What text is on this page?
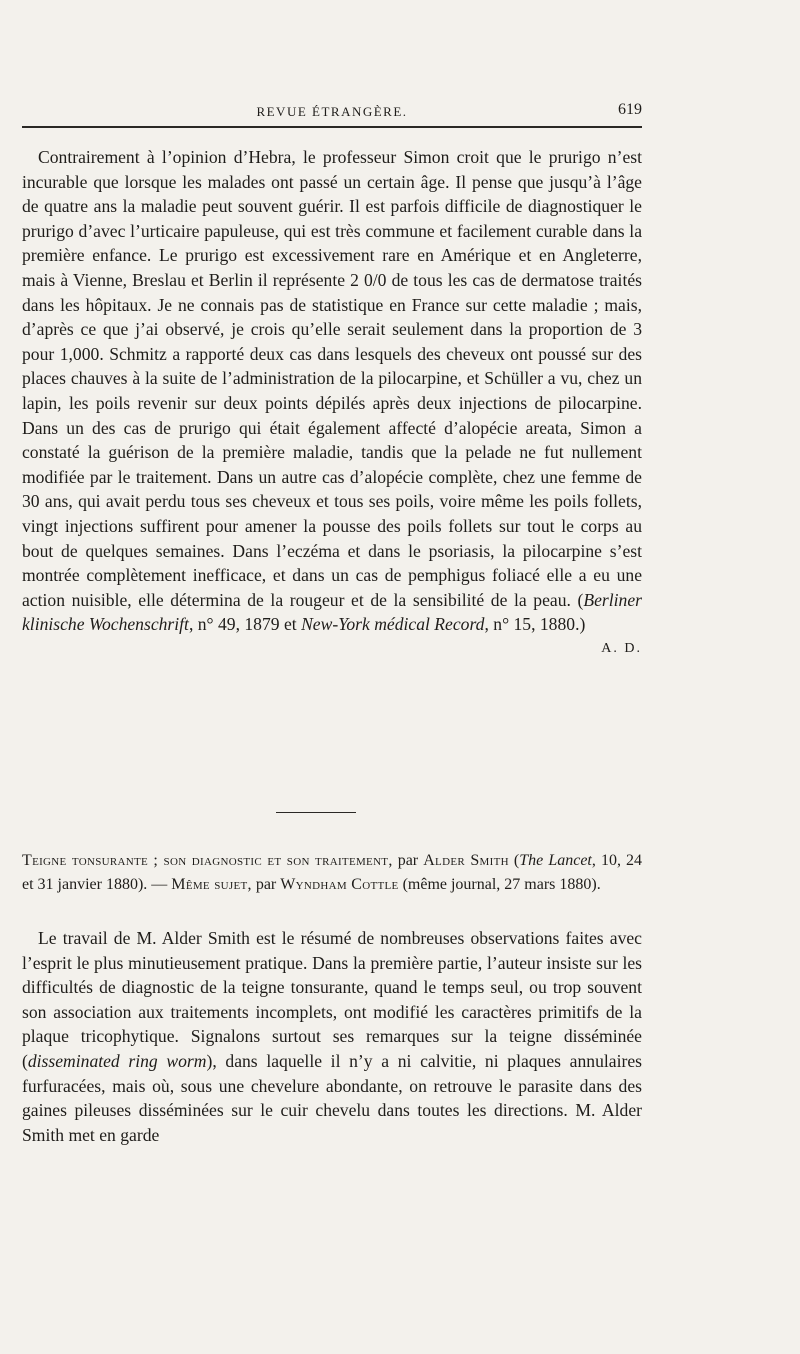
REVUE ÉTRANGÈRE.	619
Contrairement à l’opinion d’Hebra, le professeur Simon croit que le prurigo n’est incurable que lorsque les malades ont passé un certain âge. Il pense que jusqu’à l’âge de quatre ans la maladie peut souvent guérir. Il est parfois difficile de diagnostiquer le prurigo d’avec l’urticaire papuleuse, qui est très commune et facilement curable dans la première enfance. Le prurigo est excessivement rare en Amérique et en Angleterre, mais à Vienne, Breslau et Berlin il représente 2 0/0 de tous les cas de dermatose traités dans les hôpitaux. Je ne connais pas de statistique en France sur cette maladie ; mais, d’après ce que j’ai observé, je crois qu’elle serait seulement dans la proportion de 3 pour 1,000. Schmitz a rapporté deux cas dans lesquels des cheveux ont poussé sur des places chauves à la suite de l’administration de la pilocarpine, et Schüller a vu, chez un lapin, les poils revenir sur deux points dépilés après deux injections de pilocarpine. Dans un des cas de prurigo qui était également affecté d’alopécie areata, Simon a constaté la guérison de la première maladie, tandis que la pelade ne fut nullement modifiée par le traitement. Dans un autre cas d’alopécie complète, chez une femme de 30 ans, qui avait perdu tous ses cheveux et tous ses poils, voire même les poils follets, vingt injections suffirent pour amener la pousse des poils follets sur tout le corps au bout de quelques semaines. Dans l’eczéma et dans le psoriasis, la pilocarpine s’est montrée complètement inefficace, et dans un cas de pemphigus foliacé elle a eu une action nuisible, elle détermina de la rougeur et de la sensibilité de la peau. (Berliner klinische Wochenschrift, n° 49, 1879 et New-York médical Record, n° 15, 1880.)
A. D.
Teigne tonsurante ; son diagnostic et son traitement, par Alder Smith (The Lancet, 10, 24 et 31 janvier 1880). — Même sujet, par Wyndham Cottle (même journal, 27 mars 1880).
Le travail de M. Alder Smith est le résumé de nombreuses observations faites avec l’esprit le plus minutieusement pratique. Dans la première partie, l’auteur insiste sur les difficultés de diagnostic de la teigne tonsurante, quand le temps seul, ou trop souvent son association aux traitements incomplets, ont modifié les caractères primitifs de la plaque tricophytique. Signalons surtout ses remarques sur la teigne disséminée (disseminated ring worm), dans laquelle il n’y a ni calvitie, ni plaques annulaires furfuracées, mais où, sous une chevelure abondante, on retrouve le parasite dans des gaines pileuses disséminées sur le cuir chevelu dans toutes les directions. M. Alder Smith met en garde
